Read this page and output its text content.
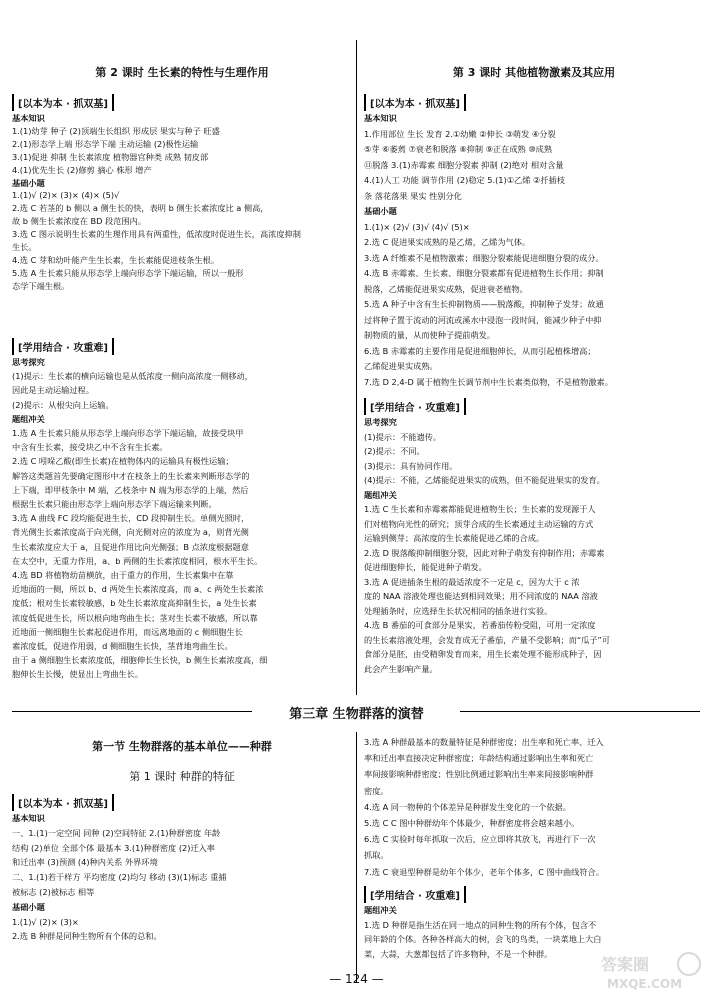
第 2 课时 生长素的特性与生理作用
[以本为本 · 抓双基]
基本知识
1.(1)幼芽 种子 (2)顶端生长组织 形成层 果实与种子 旺盛
2.(1)形态学上端 形态学下端 主动运输 (2)极性运输
3.(1)促进 抑制 生长素浓度 植物器官种类 成熟 韧皮部
4.(1)优先生长 (2)修剪 摘心 株形 增产
基础小题
1.(1)√ (2)× (3)× (4)× (5)√
2.选 C 若茎的 b 侧以 a 侧生长的快，表明 b 侧生长素浓度比 a 侧高，
故 b 侧生长素浓度在 BD 段范围内。
3.选 C 图示说明生长素的生理作用具有两重性，低浓度时促进生长，高浓度抑制
生长。
4.选 C 芽和幼叶能产生生长素，生长素能促进枝条生根。
5.选 A 生长素只能从形态学上端向形态学下端运输，所以一般形
态学下端生根。
[学用结合 · 攻重难]
思考探究
(1)提示：生长素的横向运输也是从低浓度一侧向高浓度一侧移动，
因此是主动运输过程。
(2)提示：从根尖向上运输。
题组冲关
1.选 A 生长素只能从形态学上端向形态学下端运输，故接受块甲
中含有生长素，接受块乙中不含有生长素。
2.选 C 吲哚乙酸(即生长素)在植物体内的运输具有极性运输；
解答这类题首先要确定图形中才在枝条上的生长素来判断形态学的
上下端，即甲枝条中 M 端，乙枝条中 N 端为形态学的上端，然后
根据生长素只能由形态学上端向形态学下端运输来判断。
3.选 A 曲线 FC 段均能促进生长，CD 段抑制生长。单侧光照时，
背光侧生长素浓度高于向光侧，向光侧对应的浓度为 a，则背光侧
生长素浓度应大于 a，且促进作用比向光侧强；B 点浓度根据题意
在太空中，无重力作用，a、b 两侧的生长素浓度相同，根水平生长。
4.选 BD 将植物幼苗横放，由于重力的作用，生长素集中在靠
近地面的一侧，所以 b、d 两处生长素浓度高，而 a、c 两处生长素浓
度低；根对生长素较敏感，b 处生长素浓度高抑制生长，a 处生长素
浓度低促进生长，所以根向地弯曲生长；茎对生长素不敏感，所以靠
近地面一侧细胞生长素起促进作用，而远离地面的 c 侧细胞生长
素浓度低，促进作用弱，d 侧细胞生长快，茎背地弯曲生长。
由于 a 侧细胞生长素浓度低，细胞伸长生长快，b 侧生长素浓度高，细
胞伸长生长慢，使显出上弯曲生长。
第 3 课时 其他植物激素及其应用
[以本为本 · 抓双基]
基本知识
1.作用部位 生长 发育 2.①幼嫩 ②伸长 ③萌发 ④分裂
⑤芽 ⑥萎蔫 ⑦衰老和脱落 ⑧抑制 ⑨正在成熟 ⑩成熟
⑪脱落 3.(1)赤霉素 细胞分裂素 抑制 (2)绝对 相对含量
4.(1)人工 功能 调节作用 (2)稳定 5.(1)①乙烯 ②扦插枝
条 落花落果 果实 性别分化
基础小题
1.(1)× (2)√ (3)√ (4)√ (5)×
2.选 C 促进果实成熟的是乙烯，乙烯为气体。
3.选 A 纤维素不是植物激素；细胞分裂素能促进细胞分裂的成分。
4.选 B 赤霉素、生长素、细胞分裂素都有促进植物生长作用；抑制
脱落，乙烯能促进果实成熟，促进衰老植物。
5.选 A 种子中含有生长抑制物质——脱落酸，抑制种子发芽；故通
过将种子置于流动的河流或溪水中浸泡一段时间，能减少种子中抑
制物质的量，从而使种子提前萌发。
6.选 B 赤霉素的主要作用是促进细胞伸长，从而引起植株增高；
乙烯促进果实成熟。
7.选 D 2,4-D 属于植物生长调节剂中生长素类似物，不是植物激素。
[学用结合 · 攻重难]
思考探究
(1)提示：不能遗传。
(2)提示：不同。
(3)提示：具有协同作用。
(4)提示：不能，乙烯能促进果实的成熟，但不能促进果实的发育。
题组冲关
1.选 C 生长素和赤霉素都能促进植物生长；生长素的发现源于人
们对植物向光性的研究；顶芽合成的生长素通过主动运输的方式
运输到侧芽；高浓度的生长素能促进乙烯的合成。
2.选 D 脱落酸抑制细胞分裂，因此对种子萌发有抑制作用；赤霉素
促进细胞伸长，能促进种子萌发。
3.选 A 促进插条生根的最适浓度不一定是 c，因为大于 c 浓
度的 NAA 溶液处理也能达到相同效果；用不同浓度的 NAA 溶液
处理插条时，应选择生长状况相同的插条进行实验。
4.选 B 番茄的可食部分是果实，若番茄传粉受阻，可用一定浓度
的生长素溶液处理，会发育成无子番茄，产量不受影响；而“瓜子”可
食部分是胚，由受精卵发育而来，用生长素处理不能形成种子，因
此会产生影响产量。
第三章 生物群落的演替
第一节 生物群落的基本单位——种群
第 1 课时 种群的特征
[以本为本 · 抓双基]
基本知识
一、1.(1)一定空间 同种 (2)空间特征 2.(1)种群密度 年龄
结构 (2)单位 全部个体 最基本 3.(1)种群密度 (2)迁入率
和迁出率 (3)预测 (4)种内关系 外界环境
二、1.(1)若干样方 平均密度 (2)均匀 移动 (3)(1)标志 重捕
被标志 (2)被标志 相等
基础小题
1.(1)√ (2)× (3)×
2.选 B 种群是同种生物所有个体的总和。
3.选 A 种群最基本的数量特征是种群密度；出生率和死亡率、迁入
率和迁出率直接决定种群密度；年龄结构通过影响出生率和死亡
率间接影响种群密度；性别比例通过影响出生率来间接影响种群
密度。
4.选 A 同一物种的个体差异是种群发生变化的一个依据。
5.选 C C 图中种群幼年个体最少，种群密度将会越来越小。
6.选 C 实验时每年抓取一次后，应立即将其放飞，再进行下一次
抓取。
7.选 C 衰退型种群是幼年个体少，老年个体多，C 图中曲线符合。
[学用结合 · 攻重难]
题组冲关
1.选 D 种群是指生活在同一地点的同种生物的所有个体，包含不
同年龄的个体。各种各样高大的树，会飞的鸟类，一块菜地上大白
菜，大蒜，大葱都包括了许多物种，不是一个种群。
— 124 —
答案圈
MXQE.COM
